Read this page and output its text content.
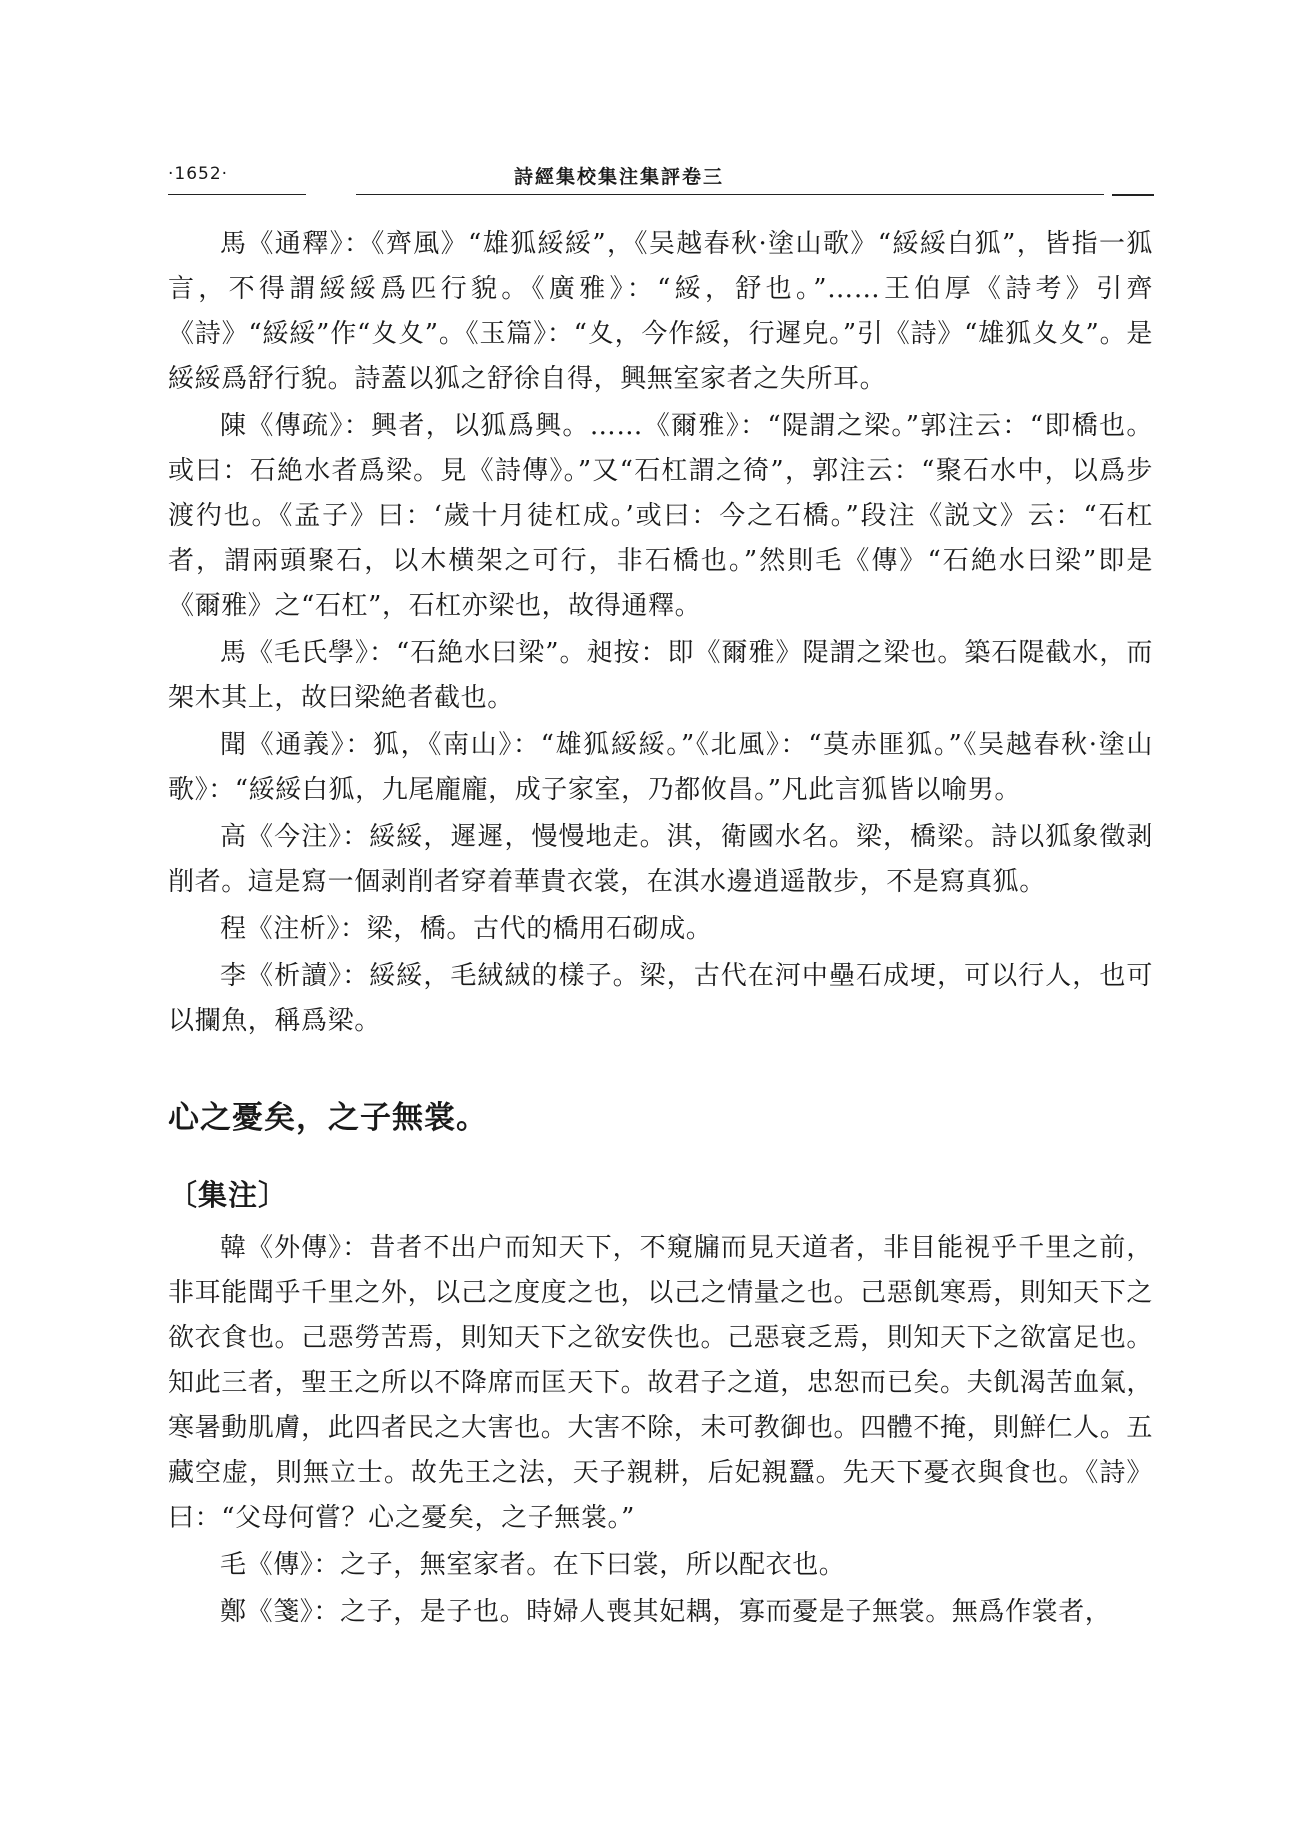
·1652·	詩經集校集注集評卷三

馬《通釋》：《齊風》“雄狐綏綏”，《吴越春秋·塗山歌》“綏綏白狐”，皆指一狐言，不得謂綏綏爲匹行貌。《廣雅》：“綏，舒也。”……王伯厚《詩考》引齊《詩》“綏綏”作“夊夊”。《玉篇》：“夊，今作綏，行遲皃。”引《詩》“雄狐夊夊”。是綏綏爲舒行貌。詩蓋以狐之舒徐自得，興無室家者之失所耳。

陳《傳疏》：興者，以狐爲興。……《爾雅》：“隄謂之梁。”郭注云：“即橋也。或曰：石絶水者爲梁。見《詩傳》。”又“石杠謂之徛”，郭注云：“聚石水中，以爲步渡彴也。《孟子》曰：‘歲十月徒杠成。’或曰：今之石橋。”段注《説文》云：“石杠者，謂兩頭聚石，以木横架之可行，非石橋也。”然則毛《傳》“石絶水曰梁”即是《爾雅》之“石杠”，石杠亦梁也，故得通釋。

馬《毛氏學》：“石絶水曰梁”。昶按：即《爾雅》隄謂之梁也。築石隄截水，而架木其上，故曰梁絶者截也。

聞《通義》：狐，《南山》：“雄狐綏綏。”《北風》：“莫赤匪狐。”《吴越春秋·塗山歌》：“綏綏白狐，九尾龐龐，成子家室，乃都攸昌。”凡此言狐皆以喻男。

高《今注》：綏綏，遲遲，慢慢地走。淇，衛國水名。梁，橋梁。詩以狐象徵剥削者。這是寫一個剥削者穿着華貴衣裳，在淇水邊逍遥散步，不是寫真狐。

程《注析》：梁，橋。古代的橋用石砌成。

李《析讀》：綏綏，毛絨絨的樣子。梁，古代在河中壘石成埂，可以行人，也可以攔魚，稱爲梁。

心之憂矣，之子無裳。
〔集注〕

韓《外傳》：昔者不出户而知天下，不窺牖而見天道者，非目能視乎千里之前，非耳能聞乎千里之外，以己之度度之也，以己之情量之也。己惡飢寒焉，則知天下之欲衣食也。己惡勞苦焉，則知天下之欲安佚也。己惡衰乏焉，則知天下之欲富足也。知此三者，聖王之所以不降席而匡天下。故君子之道，忠恕而已矣。夫飢渴苦血氣，寒暑動肌膚，此四者民之大害也。大害不除，未可教御也。四體不掩，則鮮仁人。五藏空虚，則無立士。故先王之法，天子親耕，后妃親蠶。先天下憂衣與食也。《詩》曰：“父母何嘗？心之憂矣，之子無裳。”

毛《傳》：之子，無室家者。在下曰裳，所以配衣也。

鄭《箋》：之子，是子也。時婦人喪其妃耦，寡而憂是子無裳。無爲作裳者，
